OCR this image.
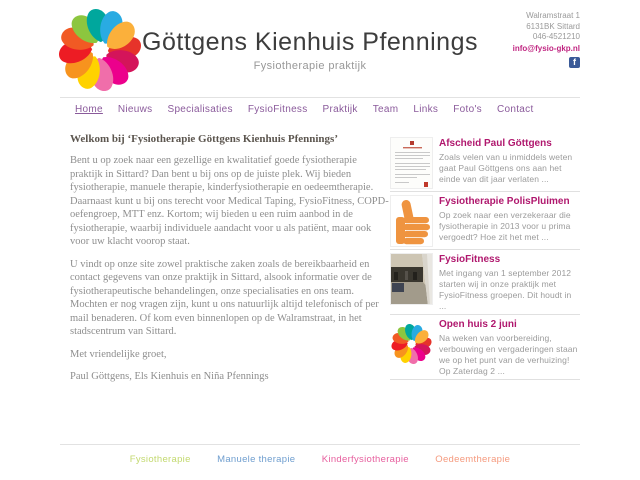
Göttgens Kienhuis Pfennings
Fysiotherapie praktijk
Walramstraat 1
6131BK Sittard
046-4521210
info@fysio-gkp.nl
f
Home Nieuws Specialisaties FysioFitness Praktijk Team Links Foto's Contact
Welkom bij ‘Fysiotherapie Göttgens Kienhuis Pfennings’

Bent u op zoek naar een gezellige en kwalitatief goede fysiotherapie praktijk in Sittard? Dan bent u bij ons op de juiste plek. Wij bieden fysiotherapie, manuele therapie, kinderfysiotherapie en oedeemtherapie. Daarnaast kunt u bij ons terecht voor Medical Taping, FysioFitness, COPD-oefengroep, MTT enz. Kortom; wij bieden u een ruim aanbod in de fysiotherapie, waarbij individuele aandacht voor u als patiënt, maar ook voor uw klacht voorop staat.

U vindt op onze site zowel praktische zaken zoals de bereikbaarheid en contact gegevens van onze praktijk in Sittard, alsook informatie over de fysiotherapeutische behandelingen, onze specialisaties en ons team. Mochten er nog vragen zijn, kunt u ons natuurlijk altijd telefonisch of per mail benaderen. Of kom even binnenlopen op de Walramstraat, in het stadscentrum van Sittard.

Met vriendelijke groet,

Paul Göttgens, Els Kienhuis en Niña Pfennings

Afscheid Paul Göttgens
Zoals velen van u inmiddels weten gaat Paul Göttgens ons aan het einde van dit jaar verlaten ...
Fysiotherapie PolisPluimen
Op zoek naar een verzekeraar die fysiotherapie in 2013 voor u prima vergoedt? Hoe zit het met ...
FysioFitness
Met ingang van 1 september 2012 starten wij in onze praktijk met FysioFitness groepen. Dit houdt in ...
Open huis 2 juni
Na weken van voorbereiding, verbouwing en vergaderingen staan we op het punt van de verhuizing! Op Zaterdag 2 ...
Fysiotherapie	Manuele therapie	Kinderfysiotherapie	Oedeemtherapie
